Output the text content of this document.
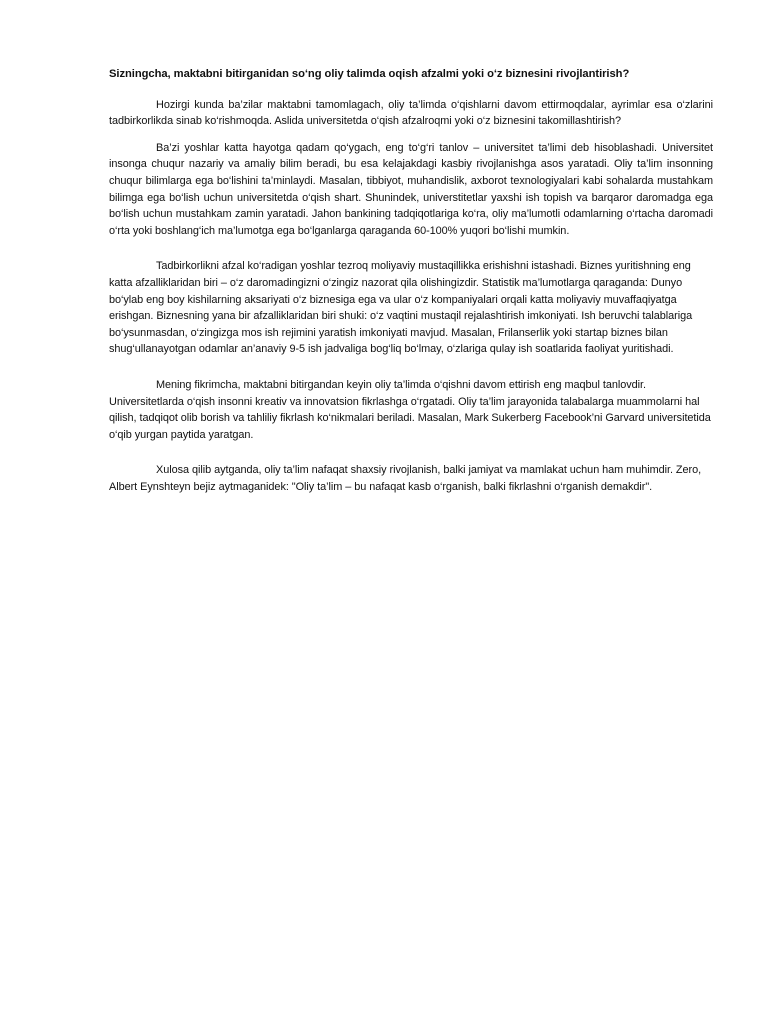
Sizningcha, maktabni bitirganidan so‘ng oliy talimda oqish afzalmi yoki o‘z biznesini rivojlantirish?

Hozirgi kunda ba’zilar maktabni tamomlagach, oliy ta’limda o‘qishlarni davom ettirmoqdalar, ayrimlar esa o‘zlarini tadbirkorlikda sinab ko‘rishmoqda. Aslida universitetda o‘qish afzalroqmi yoki o‘z biznesini takomillashtirish?

Ba’zi yoshlar katta hayotga qadam qo‘ygach, eng to‘g‘ri tanlov – universitet ta’limi deb hisoblashadi. Universitet insonga chuqur nazariy va amaliy bilim beradi, bu esa kelajakdagi kasbiy rivojlanishga asos yaratadi. Oliy ta’lim insonning chuqur bilimlarga ega bo‘lishini ta’minlaydi. Masalan, tibbiyot, muhandislik, axborot texnologiyalari kabi sohalarda mustahkam bilimga ega bo‘lish uchun universitetda o‘qish shart. Shunindek, universtitetlar yaxshi ish topish va barqaror daromadga ega bo‘lish uchun mustahkam zamin yaratadi. Jahon bankining tadqiqotlariga ko‘ra, oliy ma’lumotli odamlarning o‘rtacha daromadi o‘rta yoki boshlang‘ich ma’lumotga ega bo‘lganlarga qaraganda 60-100% yuqori bo‘lishi mumkin.

Tadbirkorlikni afzal ko‘radigan yoshlar tezroq moliyaviy mustaqillikka erishishni istashadi. Biznes yuritishning eng katta afzalliklaridan biri – o‘z daromadingizni o‘zingiz nazorat qila olishingizdir. Statistik ma’lumotlarga qaraganda: Dunyo bo‘ylab eng boy kishilarning aksariyati o‘z biznesiga ega va ular o‘z kompaniyalari orqali katta moliyaviy muvaffaqiyatga erishgan. Biznesning yana bir afzalliklaridan biri shuki: o‘z vaqtini mustaqil rejalashtirish imkoniyati. Ish beruvchi talablariga bo‘ysunmasdan, o‘zingizga mos ish rejimini yaratish imkoniyati mavjud. Masalan, Frilanserlik yoki startap biznes bilan shug‘ullanayotgan odamlar an’anaviy 9-5 ish jadvaliga bog‘liq bo‘lmay, o‘zlariga qulay ish soatlarida faoliyat yuritishadi.

Mening fikrimcha, maktabni bitirgandan keyin oliy ta’limda o‘qishni davom ettirish eng maqbul tanlovdir. Universitetlarda o‘qish insonni kreativ va innovatsion fikrlashga o‘rgatadi. Oliy ta’lim jarayonida talabalarga muammolarni hal qilish, tadqiqot olib borish va tahliliy fikrlash ko‘nikmalari beriladi. Masalan, Mark Sukerberg Facebook’ni Garvard universitetida o‘qib yurgan paytida yaratgan.

Xulosa qilib aytganda, oliy ta’lim nafaqat shaxsiy rivojlanish, balki jamiyat va mamlakat uchun ham muhimdir. Zero, Albert Eynshteyn bejiz aytmaganidek: "Oliy ta’lim – bu nafaqat kasb o‘rganish, balki fikrlashni o‘rganish demakdir".
